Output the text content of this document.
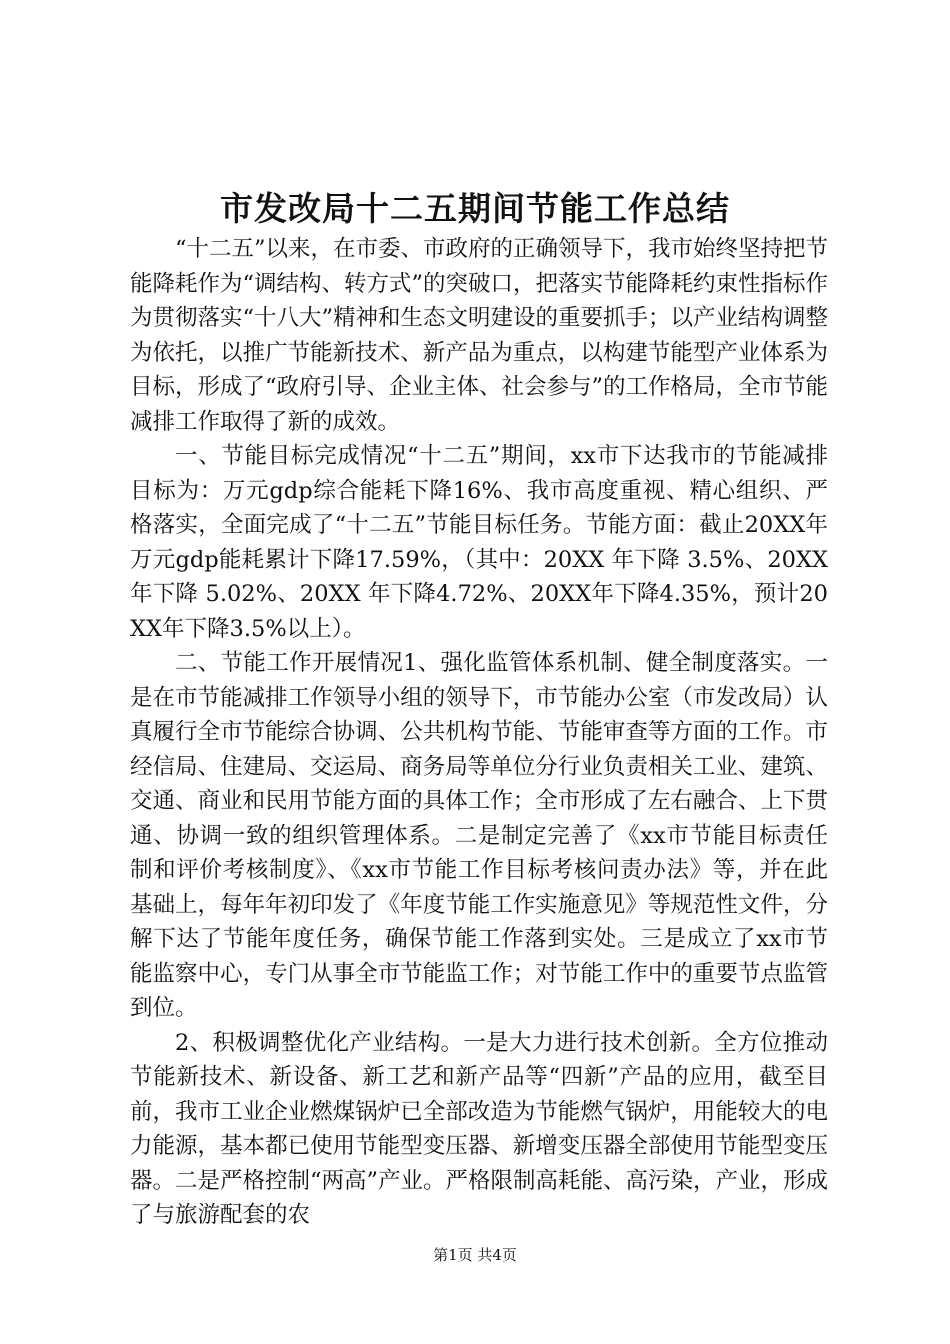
市发改局十二五期间节能工作总结

“十二五”以来，在市委、市政府的正确领导下，我市始终坚持把节能降耗作为“调结构、转方式”的突破口，把落实节能降耗约束性指标作为贯彻落实“十八大”精神和生态文明建设的重要抓手；以产业结构调整为依托，以推广节能新技术、新产品为重点，以构建节能型产业体系为目标，形成了“政府引导、企业主体、社会参与”的工作格局，全市节能减排工作取得了新的成效。

一、节能目标完成情况“十二五”期间，xx市下达我市的节能减排目标为：万元gdp综合能耗下降16%、我市高度重视、精心组织、严格落实，全面完成了“十二五”节能目标任务。节能方面：截止20XX年万元gdp能耗累计下降17.59%，（其中：20XX 年下降 3.5%、20XX 年下降 5.02%、20XX 年下降4.72%、20XX年下降4.35%，预计20XX年下降3.5%以上）。

二、节能工作开展情况1、强化监管体系机制、健全制度落实。一是在市节能减排工作领导小组的领导下，市节能办公室（市发改局）认真履行全市节能综合协调、公共机构节能、节能审查等方面的工作。市经信局、住建局、交运局、商务局等单位分行业负责相关工业、建筑、交通、商业和民用节能方面的具体工作；全市形成了左右融合、上下贯通、协调一致的组织管理体系。二是制定完善了《xx市节能目标责任制和评价考核制度》、《xx市节能工作目标考核问责办法》等，并在此基础上，每年年初印发了《年度节能工作实施意见》等规范性文件，分解下达了节能年度任务，确保节能工作落到实处。三是成立了xx市节能监察中心，专门从事全市节能监工作；对节能工作中的重要节点监管到位。

2、积极调整优化产业结构。一是大力进行技术创新。全方位推动节能新技术、新设备、新工艺和新产品等“四新”产品的应用，截至目前，我市工业企业燃煤锅炉已全部改造为节能燃气锅炉，用能较大的电力能源，基本都已使用节能型变压器、新增变压器全部使用节能型变压器。二是严格控制“两高”产业。严格限制高耗能、高污染，产业，形成了与旅游配套的农

第1页 共4页
